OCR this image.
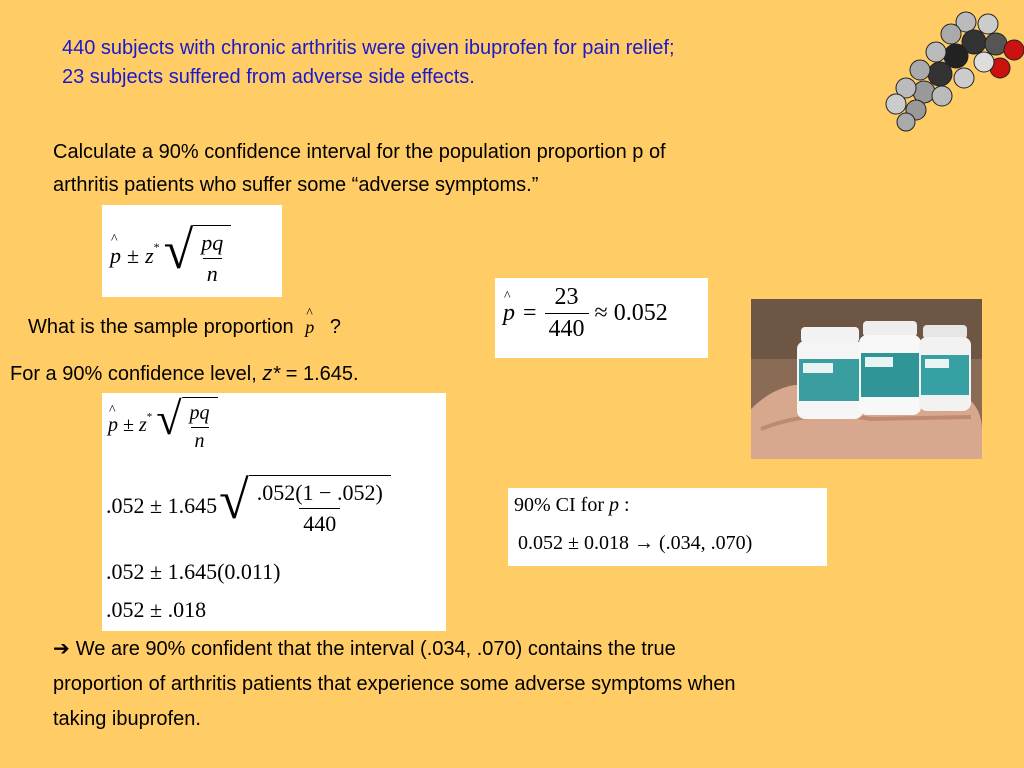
440 subjects with chronic arthritis were given ibuprofen for pain relief;
23 subjects suffered from adverse side effects.
Calculate a 90% confidence interval for the population proportion p of
arthritis patients who suffer some “adverse symptoms.”
p ^ ± z* √ $\frac{pq}{n}$
What is the sample proportion p ^ ?
p ^ = $\frac{23}{440} \approx 0.052$
For a 90% confidence level, z* = 1.645.
p ^ ± z* √ $\frac{pq}{n}$
.052 ± 1.645 √ $\frac{.052(1 - .052)}{440}$
.052 ± 1.645(0.011)
.052 ± .018
90% CI for p :
0.052 ± 0.018 → (.034, .070)
➔ We are 90% confident that the interval (.034, .070) contains the true
proportion of arthritis patients that experience some adverse symptoms when
taking ibuprofen.
